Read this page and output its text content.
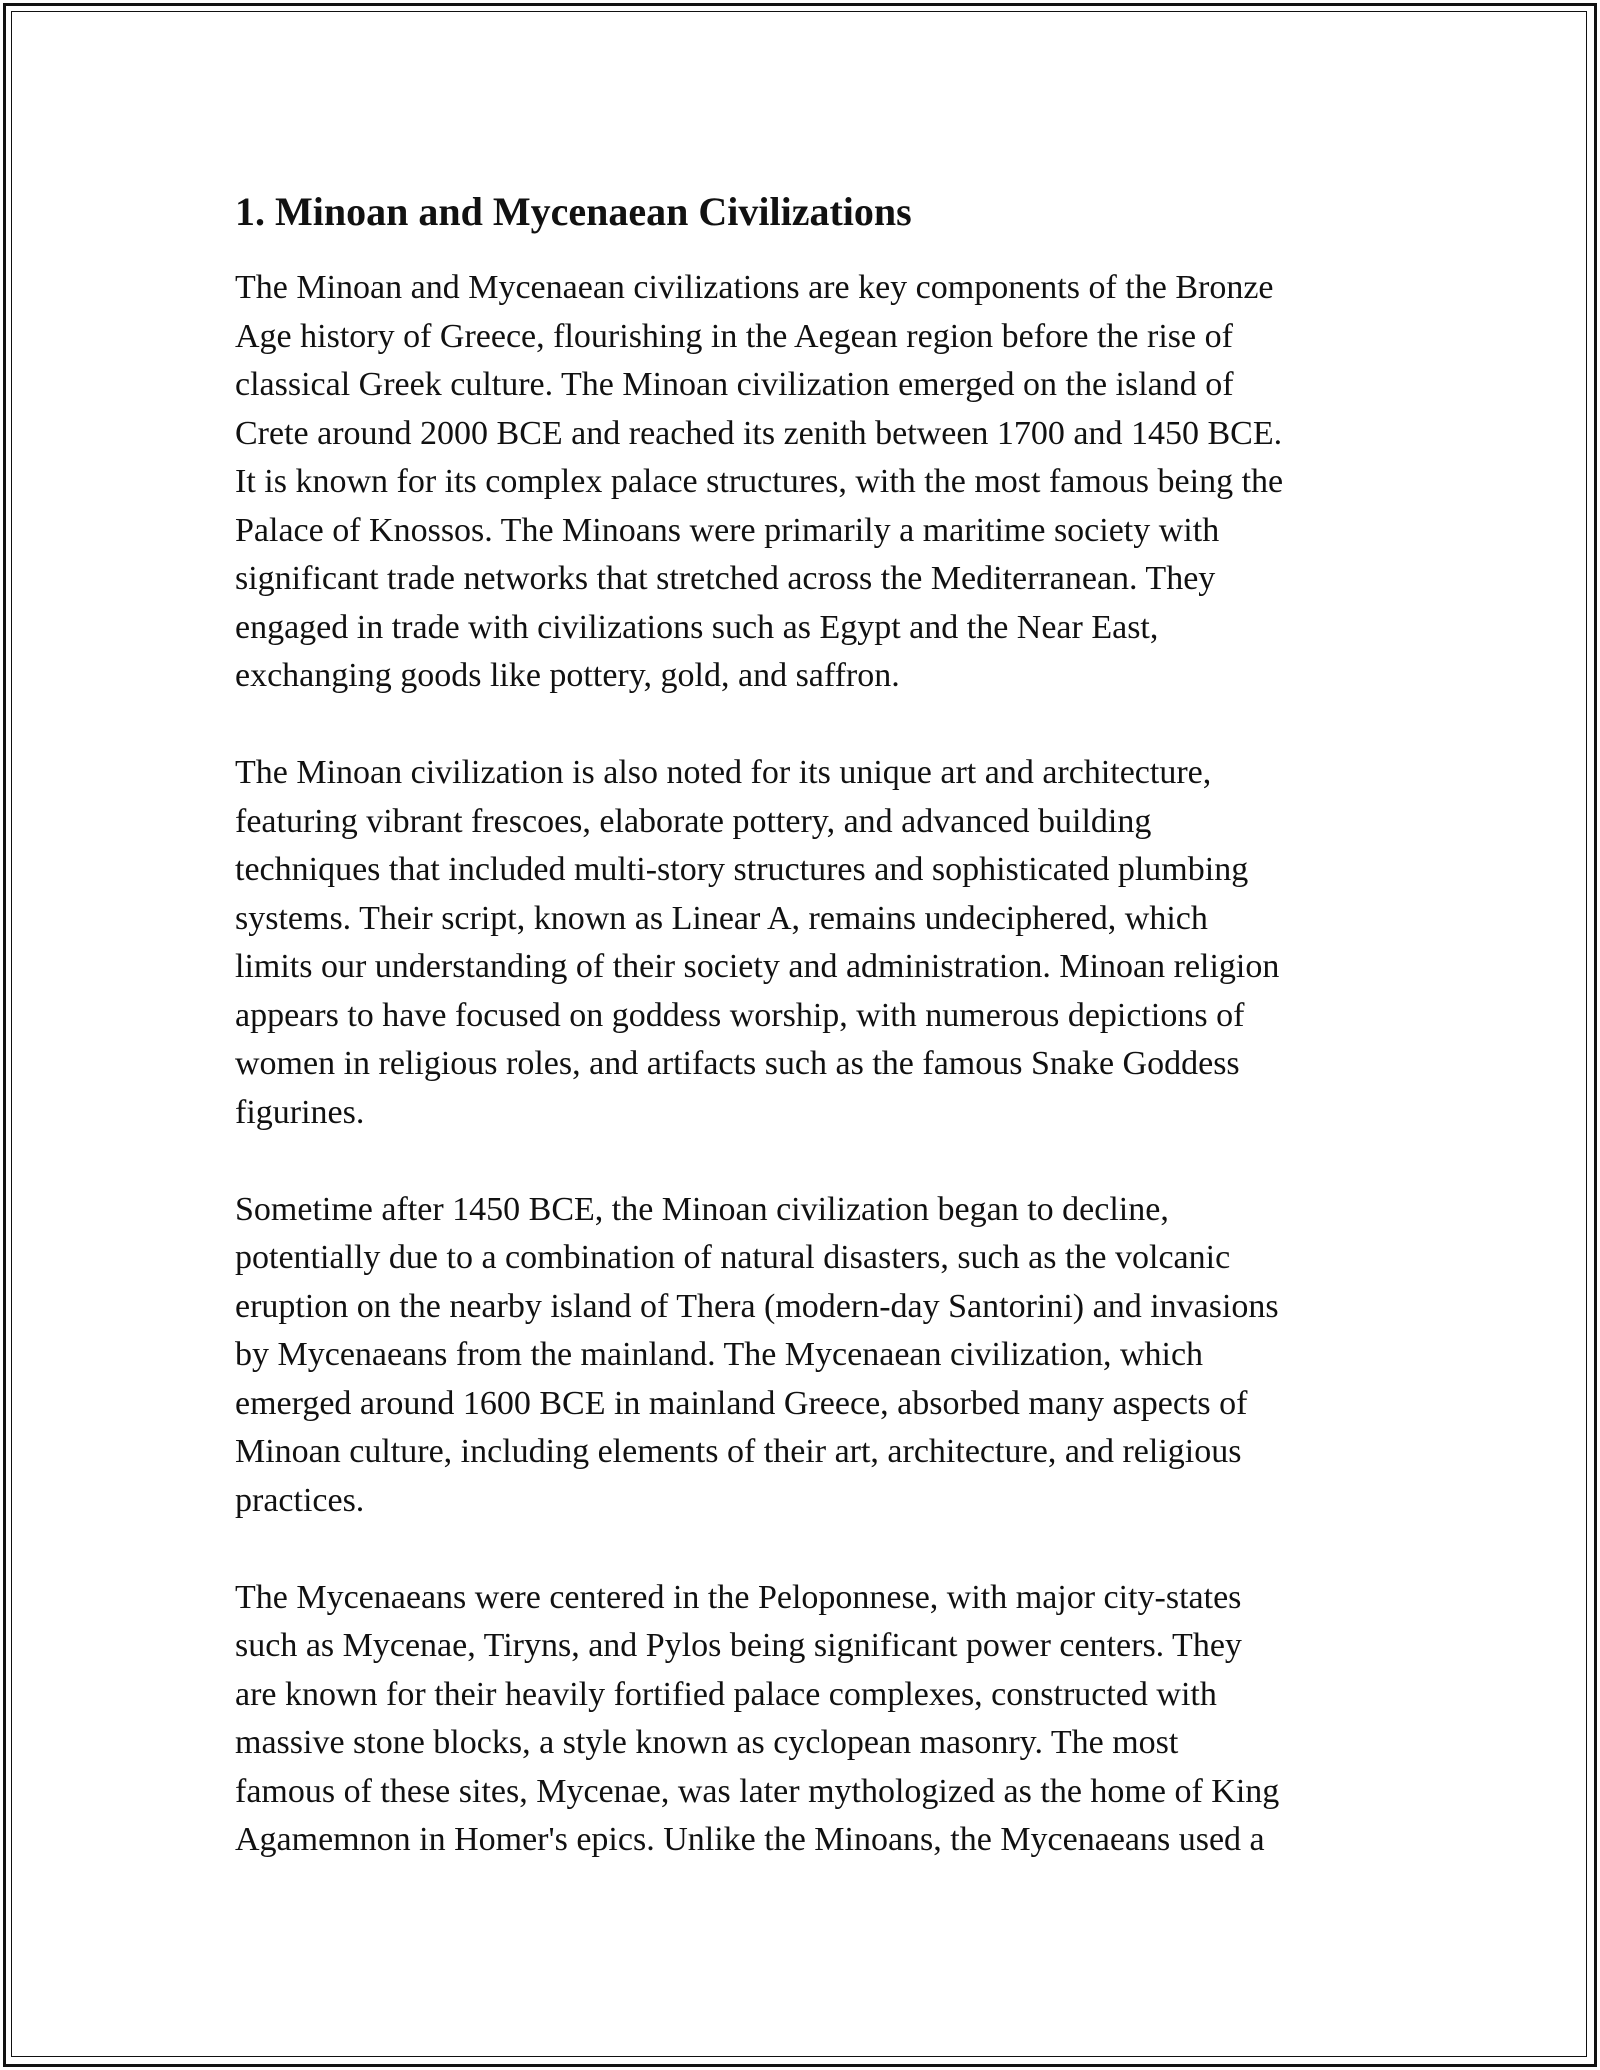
1. Minoan and Mycenaean Civilizations

The Minoan and Mycenaean civilizations are key components of the Bronze
Age history of Greece, flourishing in the Aegean region before the rise of
classical Greek culture. The Minoan civilization emerged on the island of
Crete around 2000 BCE and reached its zenith between 1700 and 1450 BCE.
It is known for its complex palace structures, with the most famous being the
Palace of Knossos. The Minoans were primarily a maritime society with
significant trade networks that stretched across the Mediterranean. They
engaged in trade with civilizations such as Egypt and the Near East,
exchanging goods like pottery, gold, and saffron.

The Minoan civilization is also noted for its unique art and architecture,
featuring vibrant frescoes, elaborate pottery, and advanced building
techniques that included multi-story structures and sophisticated plumbing
systems. Their script, known as Linear A, remains undeciphered, which
limits our understanding of their society and administration. Minoan religion
appears to have focused on goddess worship, with numerous depictions of
women in religious roles, and artifacts such as the famous Snake Goddess
figurines.

Sometime after 1450 BCE, the Minoan civilization began to decline,
potentially due to a combination of natural disasters, such as the volcanic
eruption on the nearby island of Thera (modern-day Santorini) and invasions
by Mycenaeans from the mainland. The Mycenaean civilization, which
emerged around 1600 BCE in mainland Greece, absorbed many aspects of
Minoan culture, including elements of their art, architecture, and religious
practices.

The Mycenaeans were centered in the Peloponnese, with major city-states
such as Mycenae, Tiryns, and Pylos being significant power centers. They
are known for their heavily fortified palace complexes, constructed with
massive stone blocks, a style known as cyclopean masonry. The most
famous of these sites, Mycenae, was later mythologized as the home of King
Agamemnon in Homer's epics. Unlike the Minoans, the Mycenaeans used a
